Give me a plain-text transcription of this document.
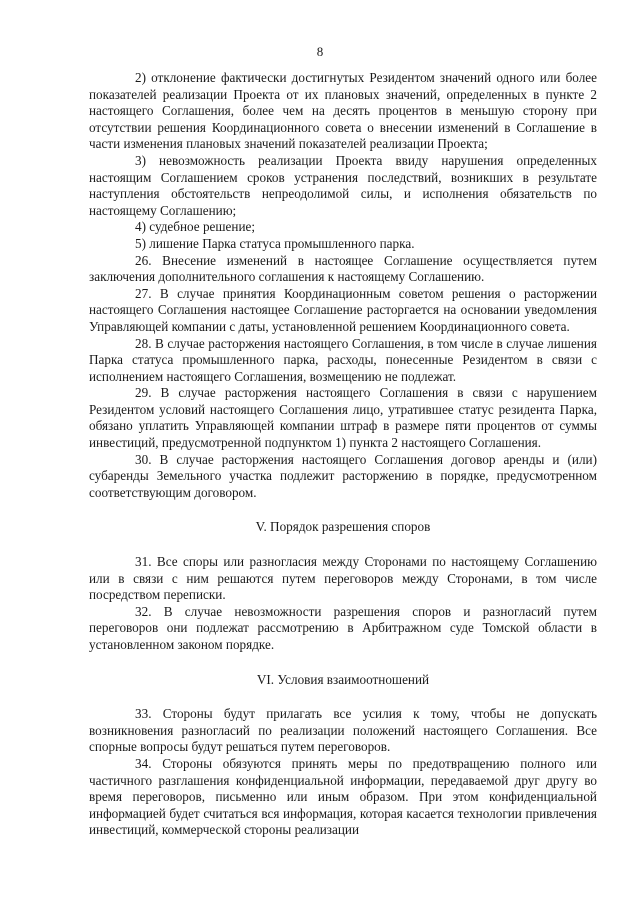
8

2) отклонение фактически достигнутых Резидентом значений одного или более показателей реализации Проекта от их плановых значений, определенных в пункте 2 настоящего Соглашения, более чем на десять процентов в меньшую сторону при отсутствии решения Координационного совета о внесении изменений в Соглашение в части изменения плановых значений показателей реализации Проекта;

3) невозможность реализации Проекта ввиду нарушения определенных настоящим Соглашением сроков устранения последствий, возникших в результате наступления обстоятельств непреодолимой силы, и исполнения обязательств по настоящему Соглашению;

4) судебное решение;

5) лишение Парка статуса промышленного парка.

26. Внесение изменений в настоящее Соглашение осуществляется путем заключения дополнительного соглашения к настоящему Соглашению.

27. В случае принятия Координационным советом решения о расторжении настоящего Соглашения настоящее Соглашение расторгается на основании уведомления Управляющей компании с даты, установленной решением Координационного совета.

28. В случае расторжения настоящего Соглашения, в том числе в случае лишения Парка статуса промышленного парка, расходы, понесенные Резидентом в связи с исполнением настоящего Соглашения, возмещению не подлежат.

29. В случае расторжения настоящего Соглашения в связи с нарушением Резидентом условий настоящего Соглашения лицо, утратившее статус резидента Парка, обязано уплатить Управляющей компании штраф в размере пяти процентов от суммы инвестиций, предусмотренной подпунктом 1) пункта 2 настоящего Соглашения.

30. В случае расторжения настоящего Соглашения договор аренды и (или) субаренды Земельного участка подлежит расторжению в порядке, предусмотренном соответствующим договором.

V. Порядок разрешения споров

31. Все споры или разногласия между Сторонами по настоящему Соглашению или в связи с ним решаются путем переговоров между Сторонами, в том числе посредством переписки.

32. В случае невозможности разрешения споров и разногласий путем переговоров они подлежат рассмотрению в Арбитражном суде Томской области в установленном законом порядке.

VI. Условия взаимоотношений

33. Стороны будут прилагать все усилия к тому, чтобы не допускать возникновения разногласий по реализации положений настоящего Соглашения. Все спорные вопросы будут решаться путем переговоров.

34. Стороны обязуются принять меры по предотвращению полного или частичного разглашения конфиденциальной информации, передаваемой друг другу во время переговоров, письменно или иным образом. При этом конфиденциальной информацией будет считаться вся информация, которая касается технологии привлечения инвестиций, коммерческой стороны реализации
